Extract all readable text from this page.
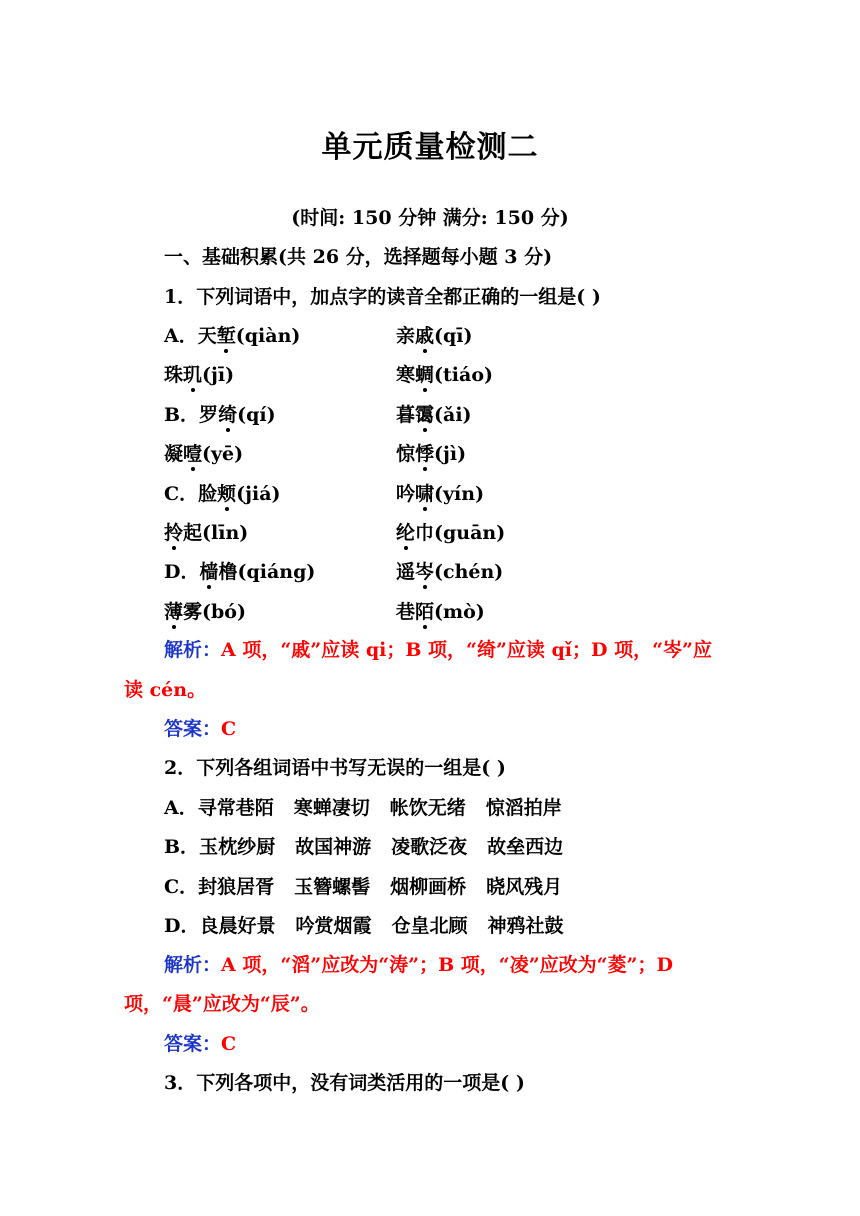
单元质量检测二
(时间: 150 分钟 满分: 150 分)
一、基础积累(共 26 分，选择题每小题 3 分)
1．下列词语中，加点字的读音全都正确的一组是( )
A．天堑(qiàn)	亲戚(qī)
珠玑(jī)	寒蜩(tiáo)
B．罗绮(qí)	暮霭(ǎi)
凝噎(yē)	惊悸(jì)
C．脸颊(jiá)	吟啸(yín)
拎起(līn)	纶巾(guān)
D．樯橹(qiáng)	遥岑(chén)
薄雾(bó)	巷陌(mò)
解析：A 项，“戚”应读 qi；B 项，“绮”应读 qǐ；D 项，“岑”应
读 cén。
答案：C
2．下列各组词语中书写无误的一组是( )
A．寻常巷陌 寒蝉凄切 帐饮无绪 惊滔拍岸
B．玉枕纱厨 故国神游 凌歌泛夜 故垒西边
C．封狼居胥 玉簪螺髻 烟柳画桥 晓风残月
D．良晨好景 吟赏烟霞 仓皇北顾 神鸦社鼓
解析：A 项，“滔”应改为“涛”；B 项，“凌”应改为“菱”；D
项，“晨”应改为“辰”。
答案：C
3．下列各项中，没有词类活用的一项是( )
